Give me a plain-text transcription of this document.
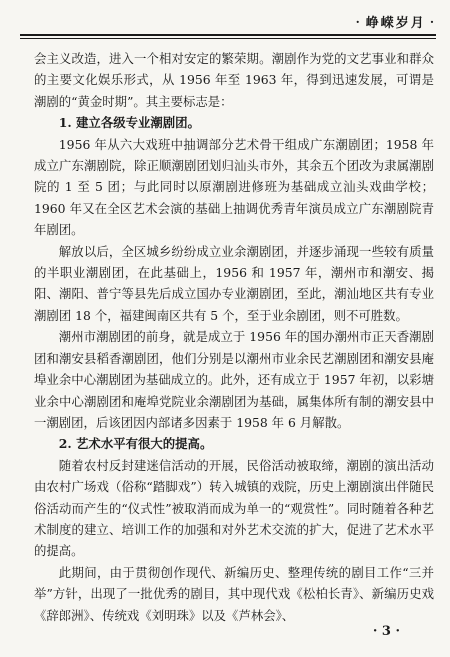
· 峥嵘岁月 ·

会主义改造，进入一个相对安定的繁荣期。潮剧作为党的文艺事业和群众的主要文化娱乐形式，从 1956 年至 1963 年，得到迅速发展，可谓是潮剧的“黄金时期”。其主要标志是：

1. 建立各级专业潮剧团。

1956 年从六大戏班中抽调部分艺术骨干组成广东潮剧团；1958 年成立广东潮剧院，除正顺潮剧团划归汕头市外，其余五个团改为隶属潮剧院的 1 至 5 团；与此同时以原潮剧进修班为基础成立汕头戏曲学校；1960 年又在全区艺术会演的基础上抽调优秀青年演员成立广东潮剧院青年剧团。

解放以后，全区城乡纷纷成立业余潮剧团，并逐步涌现一些较有质量的半职业潮剧团，在此基础上，1956 和 1957 年，潮州市和潮安、揭阳、潮阳、普宁等县先后成立国办专业潮剧团，至此，潮汕地区共有专业潮剧团 18 个，福建闽南区共有 5 个，至于业余剧团，则不可胜数。

潮州市潮剧团的前身，就是成立于 1956 年的国办潮州市正天香潮剧团和潮安县稻香潮剧团，他们分别是以潮州市业余民艺潮剧团和潮安县庵埠业余中心潮剧团为基础成立的。此外，还有成立于 1957 年初，以彩塘业余中心潮剧团和庵埠党院业余潮剧团为基础，属集体所有制的潮安县中一潮剧团，后该团因内部诸多因素于 1958 年 6 月解散。

2. 艺术水平有很大的提高。

随着农村反封建迷信活动的开展，民俗活动被取缔，潮剧的演出活动由农村广场戏（俗称“踏脚戏”）转入城镇的戏院，历史上潮剧演出伴随民俗活动而产生的“仪式性”被取消而成为单一的“观赏性”。同时随着各种艺术制度的建立、培训工作的加强和对外艺术交流的扩大，促进了艺术水平的提高。

此期间，由于贯彻创作现代、新编历史、整理传统的剧目工作“三并举”方针，出现了一批优秀的剧目，其中现代戏《松柏长青》、新编历史戏《辞郎洲》、传统戏《刘明珠》以及《芦林会》、

· 3 ·
